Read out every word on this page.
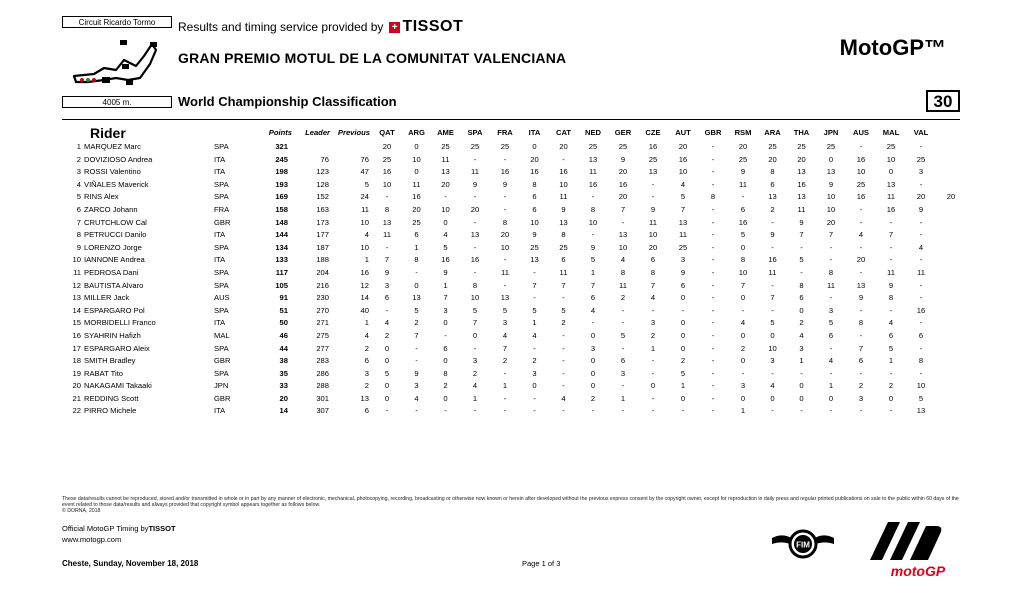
Circuit Ricardo Tormo
4005 m.
Results and timing service provided by + TISSOT
GRAN PREMIO MOTUL DE LA COMUNITAT VALENCIANA	MotoGP™
World Championship Classification	30
Rider			Points	Leader	Previous	QAT	ARG	AME	SPA	FRA	ITA	CAT	NED	GER	CZE	AUT	GBR	RSM	ARA	THA	JPN	AUS	MAL	VAL	
1	MARQUEZ Marc	SPA	321			20	0	25	25	25	0	20	25	25	16	20	-	20	25	25	25	-	25	-	
2	DOVIZIOSO Andrea	ITA	245	76	76	25	10	11	-	-	20	-	13	9	25	16	-	25	20	20	0	16	10	25	
3	ROSSI Valentino	ITA	198	123	47	16	0	13	11	16	16	16	11	20	13	10	-	9	8	13	13	10	0	3	
4	VIÑALES Maverick	SPA	193	128	5	10	11	20	9	9	8	10	16	16	-	4	-	11	6	16	9	25	13	-	
5	RINS Alex	SPA	169	152	24	-	16	-	-	-	6	11	-	20	-	5	8	-	13	13	10	16	11	20	20
6	ZARCO Johann	FRA	158	163	11	8	20	10	20	-	6	9	8	7	9	7	-	6	2	11	10	-	16	9	
7	CRUTCHLOW Cal	GBR	148	173	10	13	25	0	-	8	10	13	10	-	11	13	-	16	-	9	20	-	-	-	
8	PETRUCCI Danilo	ITA	144	177	4	11	6	4	13	20	9	8	-	13	10	11	-	5	9	7	7	4	7	-	
9	LORENZO Jorge	SPA	134	187	10	-	1	5	-	10	25	25	9	10	20	25	-	0	-	-	-	-	-	4	
10	IANNONE Andrea	ITA	133	188	1	7	8	16	16	-	13	6	5	4	6	3	-	8	16	5	-	20	-	-	
11	PEDROSA Dani	SPA	117	204	16	9	-	9	-	11	-	11	1	8	8	9	-	10	11	-	8	-	11	11	
12	BAUTISTA Alvaro	SPA	105	216	12	3	0	1	8	-	7	7	7	11	7	6	-	7	-	8	11	13	9	-	
13	MILLER Jack	AUS	91	230	14	6	13	7	10	13	-	-	6	2	4	0	-	0	7	6	-	9	8	-	
14	ESPARGARO Pol	SPA	51	270	40	-	5	3	5	5	5	5	4	-	-	-	-	-	-	0	3	-	-	16	
15	MORBIDELLI Franco	ITA	50	271	1	4	2	0	7	3	1	2	-	-	3	0	-	4	5	2	5	8	4	-	
16	SYAHRIN Hafizh	MAL	46	275	4	2	7	-	0	4	4	-	0	5	2	0	-	0	0	4	6	-	6	6	
17	ESPARGARO Aleix	SPA	44	277	2	0	-	6	-	7	-	-	3	-	1	0	-	2	10	3	-	7	5	-	
18	SMITH Bradley	GBR	38	283	6	0	-	0	3	2	2	-	0	6	-	2	-	0	3	1	4	6	1	8	
19	RABAT Tito	SPA	35	286	3	5	9	8	2	-	3	-	0	3	-	5	-	-	-	-	-	-	-	-	
20	NAKAGAMI Takaaki	JPN	33	288	2	0	3	2	4	1	0	-	0	-	0	1	-	3	4	0	1	2	2	10	
21	REDDING Scott	GBR	20	301	13	0	4	0	1	-	-	4	2	1	-	0	-	0	0	0	0	3	0	5	
22	PIRRO Michele	ITA	14	307	6	-	-	-	-	-	-	-	-	-	-	-	-	1	-	-	-	-	-	13	
These data/results cannot be reproduced, stored and/or transmitted in whole or in part by any manner of electronic, mechanical, photocopying, recording, broadcasting or otherwise now known or herein after developed without the previous express consent by the copyright owner, except for reproduction in daily press and regular printed publications on sale to the public within 60 days of the event related to those data/results and always provided that copyright symbol appears together as follows below.
© DORNA, 2018
Official MotoGP Timing byTISSOT
www.motogp.com
Cheste, Sunday, November 18, 2018	Page 1 of 3
FIM
motoGP
